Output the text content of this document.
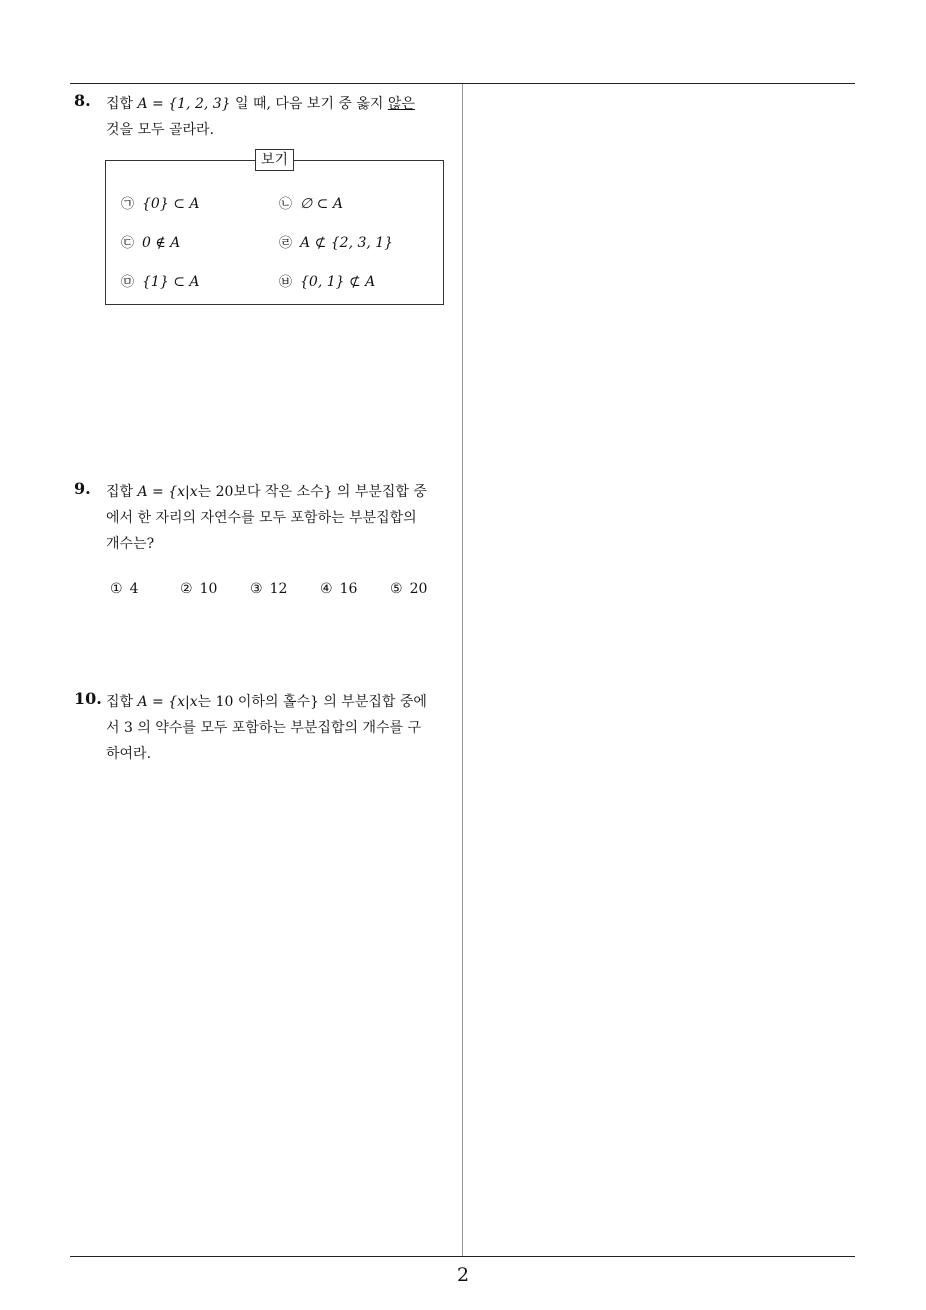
2
8. 집합 A = {1, 2, 3} 일 때, 다음 보기 중 옳지 않은
것을 모두 골라라.
보기
㉠ {0} ⊂ A	㉡ ∅ ⊂ A
㉢ 0 ∉ A	㉣ A ⊄ {2, 3, 1}
㉤ {1} ⊂ A	㉥ {0, 1} ⊄ A
9. 집합 A = {x|x는 20보다 작은 소수} 의 부분집합 중
에서 한 자리의 자연수를 모두 포함하는 부분집합의
개수는?
① 4	② 10 ③ 12 ④ 16 ⑤ 20
10. 집합 A = {x|x는 10 이하의 홀수} 의 부분집합 중에
서 3 의 약수를 모두 포함하는 부분집합의 개수를 구
하여라.
